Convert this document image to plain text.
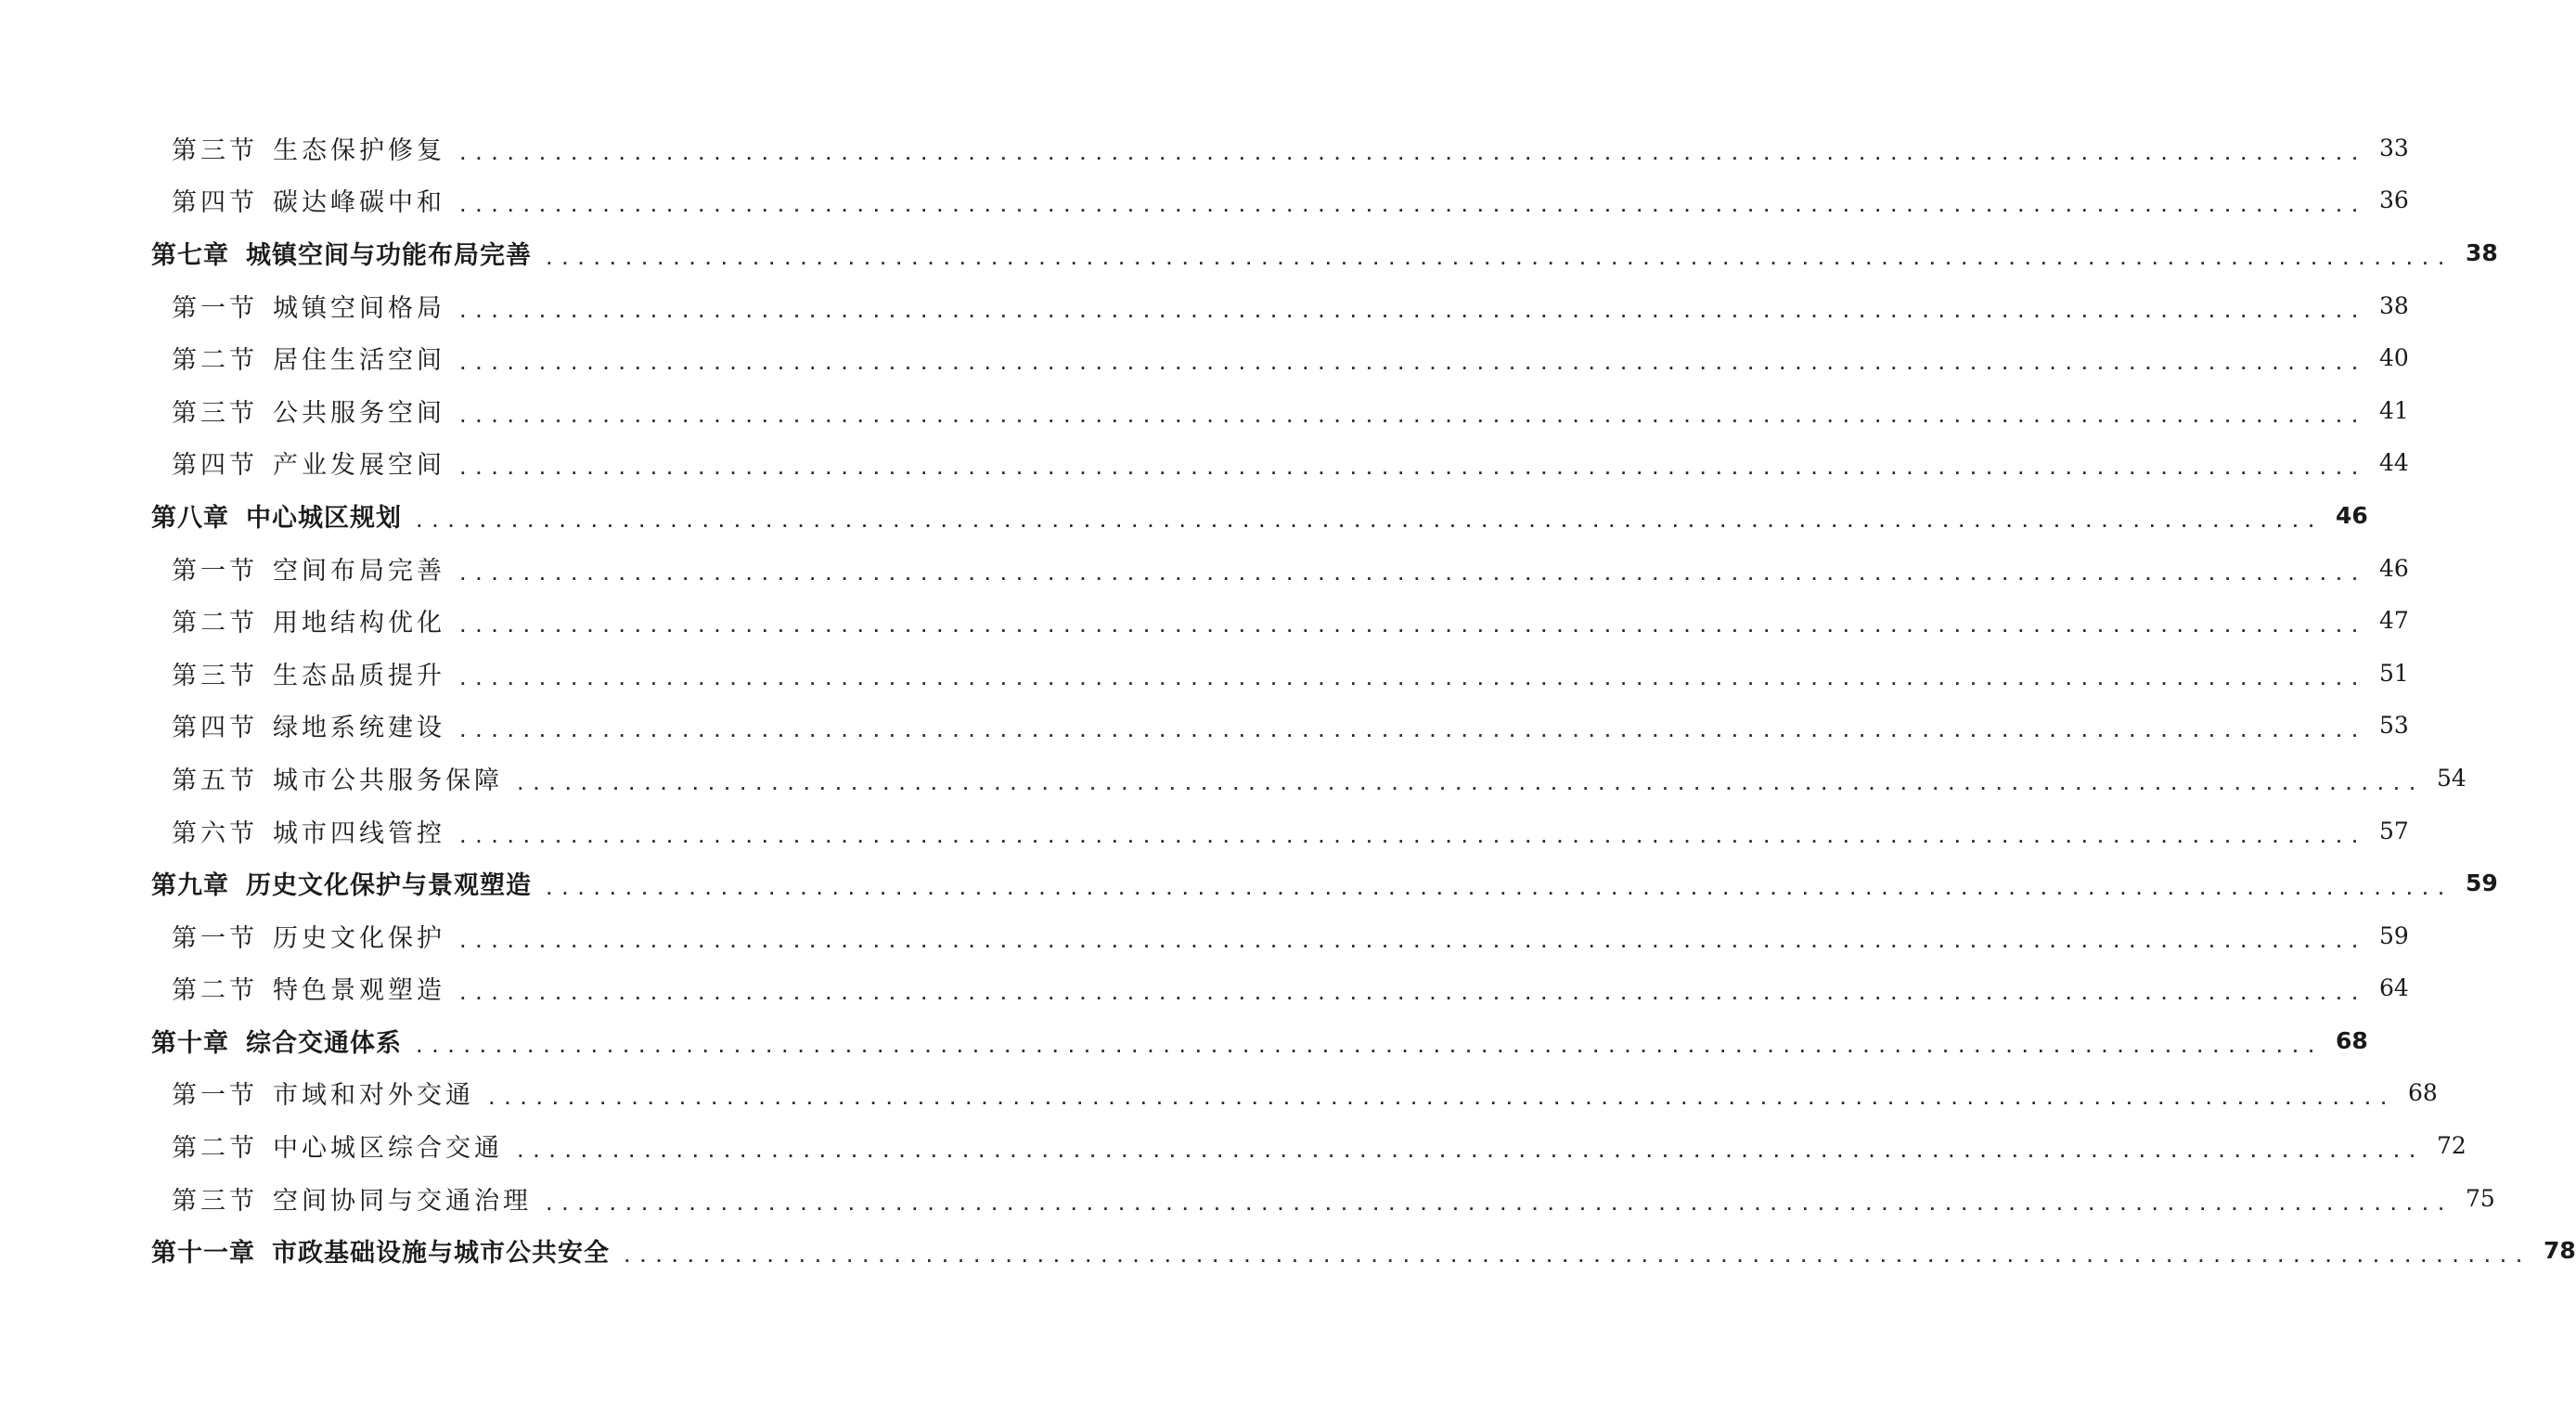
第三节 生态保护修复 ........................................................................................................................ 33
第四节 碳达峰碳中和 ........................................................................................................................ 36
第七章 城镇空间与功能布局完善 ........................................................................................................................ 38
第一节 城镇空间格局 ........................................................................................................................ 38
第二节 居住生活空间 ........................................................................................................................ 40
第三节 公共服务空间 ........................................................................................................................ 41
第四节 产业发展空间 ........................................................................................................................ 44
第八章 中心城区规划 ........................................................................................................................ 46
第一节 空间布局完善 ........................................................................................................................ 46
第二节 用地结构优化 ........................................................................................................................ 47
第三节 生态品质提升 ........................................................................................................................ 51
第四节 绿地系统建设 ........................................................................................................................ 53
第五节 城市公共服务保障 ........................................................................................................................ 54
第六节 城市四线管控 ........................................................................................................................ 57
第九章 历史文化保护与景观塑造 ........................................................................................................................ 59
第一节 历史文化保护 ........................................................................................................................ 59
第二节 特色景观塑造 ........................................................................................................................ 64
第十章 综合交通体系 ........................................................................................................................ 68
第一节 市域和对外交通 ........................................................................................................................ 68
第二节 中心城区综合交通 ........................................................................................................................ 72
第三节 空间协同与交通治理 ........................................................................................................................ 75
第十一章 市政基础设施与城市公共安全 ........................................................................................................................ 78
